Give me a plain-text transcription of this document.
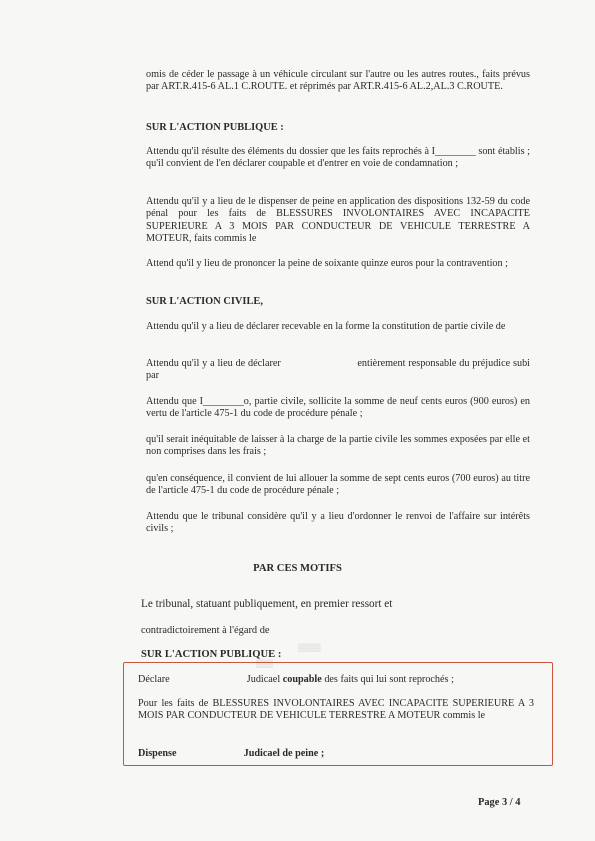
omis de céder le passage à un véhicule circulant sur l'autre ou les autres routes., faits prévus par ART.R.415-6 AL.1 C.ROUTE. et réprimés par ART.R.415-6 AL.2,AL.3 C.ROUTE.

SUR L'ACTION PUBLIQUE :

Attendu qu'il résulte des éléments du dossier que les faits reprochés à I________ sont établis ; qu'il convient de l'en déclarer coupable et d'entrer en voie de condamnation ;

Attendu qu'il y a lieu de le dispenser de peine en application des dispositions 132-59 du code pénal pour les faits de BLESSURES INVOLONTAIRES AVEC INCAPACITE SUPERIEURE A 3 MOIS PAR CONDUCTEUR DE VEHICULE TERRESTRE A MOTEUR, faits commis le

Attend qu'il y lieu de prononcer la peine de soixante quinze euros pour la contravention ;

SUR L'ACTION CIVILE,

Attendu qu'il y a lieu de déclarer recevable en la forme la constitution de partie civile de

Attendu qu'il y a lieu de déclarer                           entièrement responsable du préjudice subi par

Attendu que I________o, partie civile, sollicite la somme de neuf cents euros (900 euros) en vertu de l'article 475-1 du code de procédure pénale ;

qu'il serait inéquitable de laisser à la charge de la partie civile les sommes exposées par elle et non comprises dans les frais ;

qu'en conséquence, il convient de lui allouer la somme de sept cents euros (700 euros) au titre de l'article 475-1 du code de procédure pénale ;

Attendu que le tribunal considère qu'il y a lieu d'ordonner le renvoi de l'affaire sur intérêts civils ;

PAR CES MOTIFS
Le tribunal, statuant publiquement, en premier ressort et
contradictoirement à l'égard de
SUR L'ACTION PUBLIQUE :
▒▒▒▒
▒▒▒
Déclare	Judicael coupable des faits qui lui sont reprochés ;

Pour les faits de BLESSURES INVOLONTAIRES AVEC INCAPACITE SUPERIEURE A 3 MOIS PAR CONDUCTEUR DE VEHICULE TERRESTRE A MOTEUR commis le

Dispense	Judicael de peine ;
Page 3 / 4
